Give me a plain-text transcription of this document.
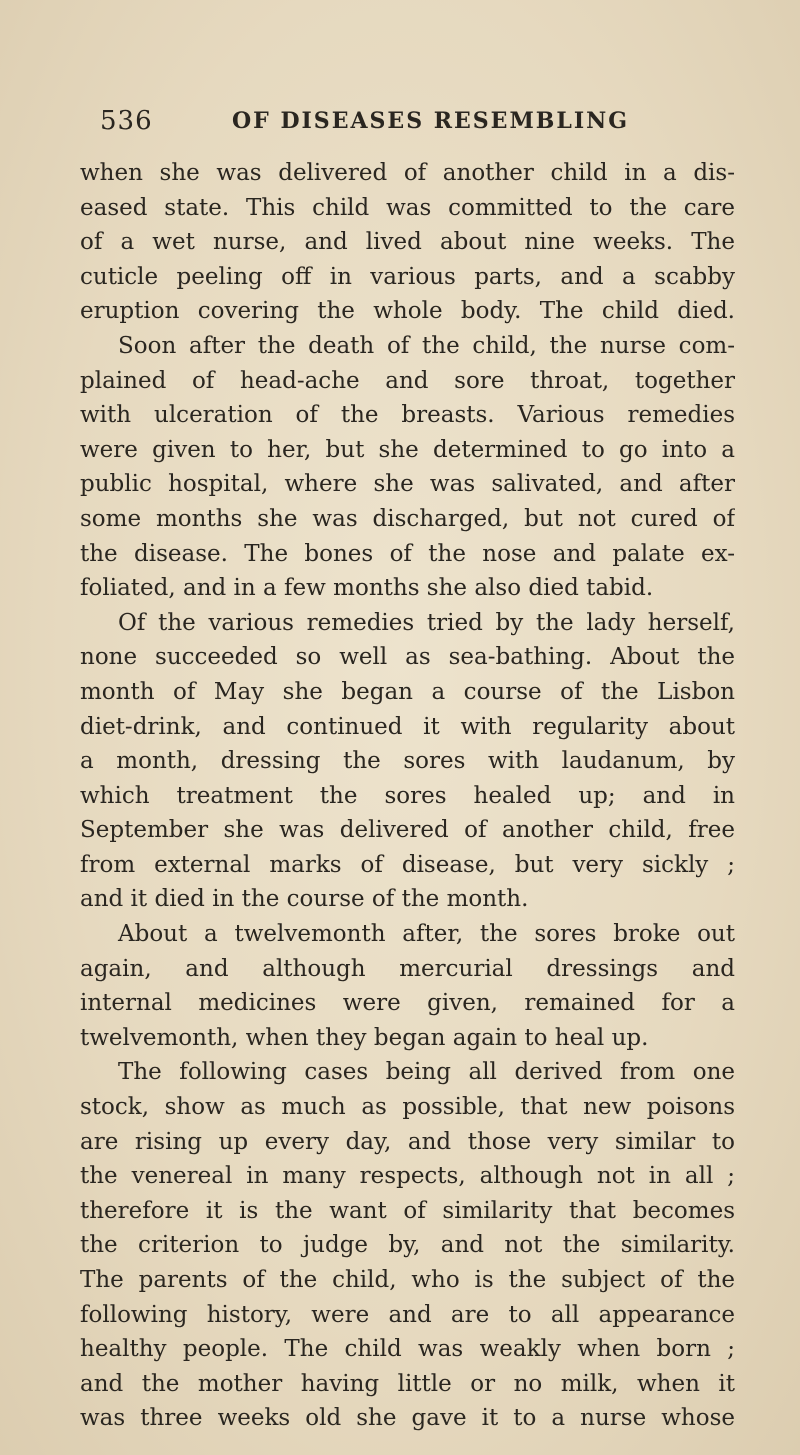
536	OF DISEASES RESEMBLING
when she was delivered of another child in a dis-
eased state. This child was committed to the care
of a wet nurse, and lived about nine weeks. The
cuticle peeling off in various parts, and a scabby
eruption covering the whole body. The child died.
Soon after the death of the child, the nurse com-
plained of head-ache and sore throat, together
with ulceration of the breasts. Various remedies
were given to her, but she determined to go into a
public hospital, where she was salivated, and after
some months she was discharged, but not cured of
the disease. The bones of the nose and palate ex-
foliated, and in a few months she also died tabid.
Of the various remedies tried by the lady herself,
none succeeded so well as sea-bathing. About the
month of May she began a course of the Lisbon
diet-drink, and continued it with regularity about
a month, dressing the sores with laudanum, by
which treatment the sores healed up; and in
September she was delivered of another child, free
from external marks of disease, but very sickly ;
and it died in the course of the month.
About a twelvemonth after, the sores broke out
again, and although mercurial dressings and
internal medicines were given, remained for a
twelvemonth, when they began again to heal up.
The following cases being all derived from one
stock, show as much as possible, that new poisons
are rising up every day, and those very similar to
the venereal in many respects, although not in all ;
therefore it is the want of similarity that becomes
the criterion to judge by, and not the similarity.
The parents of the child, who is the subject of the
following history, were and are to all appearance
healthy people. The child was weakly when born ;
and the mother having little or no milk, when it
was three weeks old she gave it to a nurse whose
